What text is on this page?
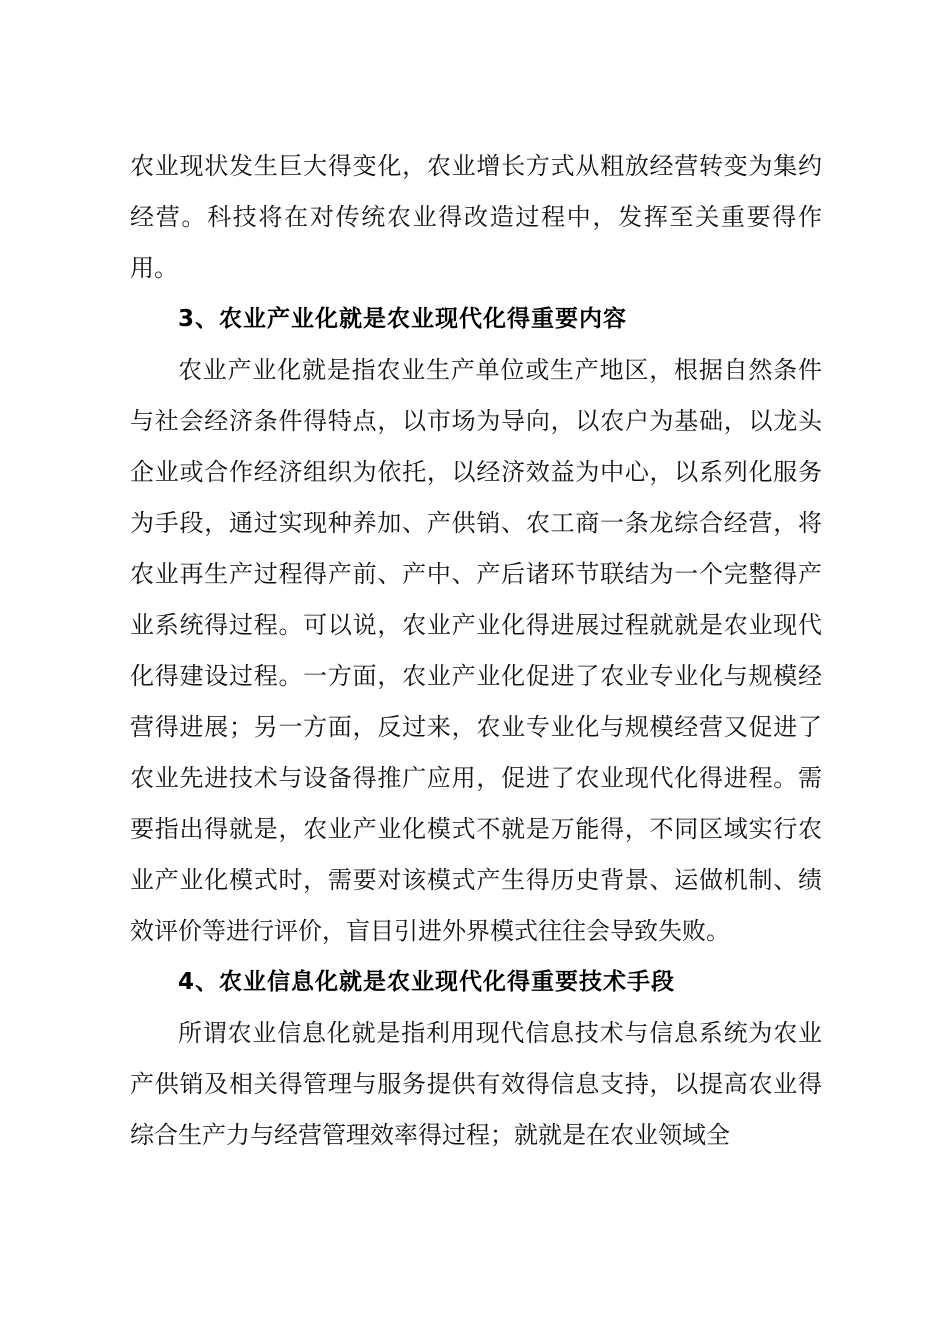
农业现状发生巨大得变化，农业增长方式从粗放经营转变为集约经营。科技将在对传统农业得改造过程中，发挥至关重要得作用。

3、农业产业化就是农业现代化得重要内容

农业产业化就是指农业生产单位或生产地区，根据自然条件与社会经济条件得特点，以市场为导向，以农户为基础，以龙头企业或合作经济组织为依托，以经济效益为中心，以系列化服务为手段，通过实现种养加、产供销、农工商一条龙综合经营，将农业再生产过程得产前、产中、产后诸环节联结为一个完整得产业系统得过程。可以说，农业产业化得进展过程就就是农业现代化得建设过程。一方面，农业产业化促进了农业专业化与规模经营得进展；另一方面，反过来，农业专业化与规模经营又促进了农业先进技术与设备得推广应用，促进了农业现代化得进程。需要指出得就是，农业产业化模式不就是万能得，不同区域实行农业产业化模式时，需要对该模式产生得历史背景、运做机制、绩效评价等进行评价，盲目引进外界模式往往会导致失败。

4、农业信息化就是农业现代化得重要技术手段

所谓农业信息化就是指利用现代信息技术与信息系统为农业产供销及相关得管理与服务提供有效得信息支持，以提高农业得综合生产力与经营管理效率得过程；就就是在农业领域全
